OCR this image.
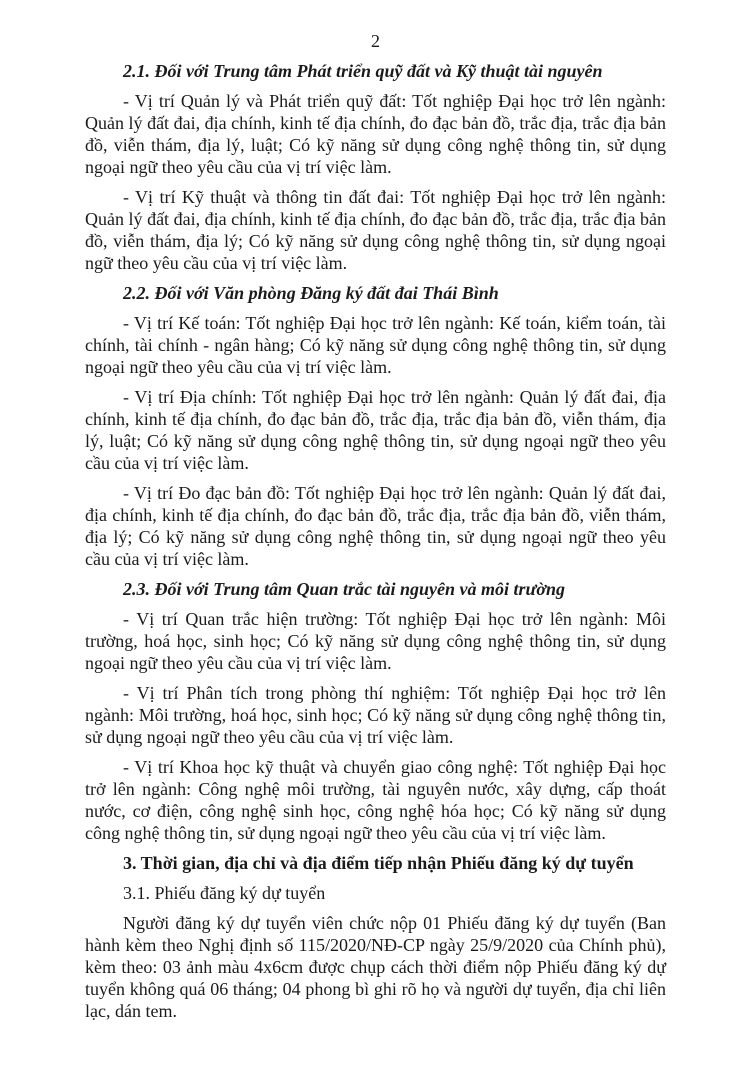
2

2.1. Đối với Trung tâm Phát triển quỹ đất và Kỹ thuật tài nguyên

- Vị trí Quản lý và Phát triển quỹ đất: Tốt nghiệp Đại học trở lên ngành: Quản lý đất đai, địa chính, kinh tế địa chính, đo đạc bản đồ, trắc địa, trắc địa bản đồ, viễn thám, địa lý, luật; Có kỹ năng sử dụng công nghệ thông tin, sử dụng ngoại ngữ theo yêu cầu của vị trí việc làm.

- Vị trí Kỹ thuật và thông tin đất đai: Tốt nghiệp Đại học trở lên ngành: Quản lý đất đai, địa chính, kinh tế địa chính, đo đạc bản đồ, trắc địa, trắc địa bản đồ, viễn thám, địa lý; Có kỹ năng sử dụng công nghệ thông tin, sử dụng ngoại ngữ theo yêu cầu của vị trí việc làm.

2.2. Đối với Văn phòng Đăng ký đất đai Thái Bình

- Vị trí Kế toán: Tốt nghiệp Đại học trở lên ngành: Kế toán, kiểm toán, tài chính, tài chính - ngân hàng; Có kỹ năng sử dụng công nghệ thông tin, sử dụng ngoại ngữ theo yêu cầu của vị trí việc làm.

- Vị trí Địa chính: Tốt nghiệp Đại học trở lên ngành: Quản lý đất đai, địa chính, kinh tế địa chính, đo đạc bản đồ, trắc địa, trắc địa bản đồ, viễn thám, địa lý, luật; Có kỹ năng sử dụng công nghệ thông tin, sử dụng ngoại ngữ theo yêu cầu của vị trí việc làm.

- Vị trí Đo đạc bản đồ: Tốt nghiệp Đại học trở lên ngành: Quản lý đất đai, địa chính, kinh tế địa chính, đo đạc bản đồ, trắc địa, trắc địa bản đồ, viễn thám, địa lý; Có kỹ năng sử dụng công nghệ thông tin, sử dụng ngoại ngữ theo yêu cầu của vị trí việc làm.

2.3. Đối với Trung tâm Quan trắc tài nguyên và môi trường

- Vị trí Quan trắc hiện trường: Tốt nghiệp Đại học trở lên ngành: Môi trường, hoá học, sinh học; Có kỹ năng sử dụng công nghệ thông tin, sử dụng ngoại ngữ theo yêu cầu của vị trí việc làm.

- Vị trí Phân tích trong phòng thí nghiệm: Tốt nghiệp Đại học trở lên ngành: Môi trường, hoá học, sinh học; Có kỹ năng sử dụng công nghệ thông tin, sử dụng ngoại ngữ theo yêu cầu của vị trí việc làm.

- Vị trí Khoa học kỹ thuật và chuyển giao công nghệ: Tốt nghiệp Đại học trở lên ngành: Công nghệ môi trường, tài nguyên nước, xây dựng, cấp thoát nước, cơ điện, công nghệ sinh học, công nghệ hóa học; Có kỹ năng sử dụng công nghệ thông tin, sử dụng ngoại ngữ theo yêu cầu của vị trí việc làm.

3. Thời gian, địa chỉ và địa điểm tiếp nhận Phiếu đăng ký dự tuyển

3.1. Phiếu đăng ký dự tuyển

Người đăng ký dự tuyển viên chức nộp 01 Phiếu đăng ký dự tuyển (Ban hành kèm theo Nghị định số 115/2020/NĐ-CP ngày 25/9/2020 của Chính phủ), kèm theo: 03 ảnh màu 4x6cm được chụp cách thời điểm nộp Phiếu đăng ký dự tuyển không quá 06 tháng; 04 phong bì ghi rõ họ và người dự tuyển, địa chỉ liên lạc, dán tem.
